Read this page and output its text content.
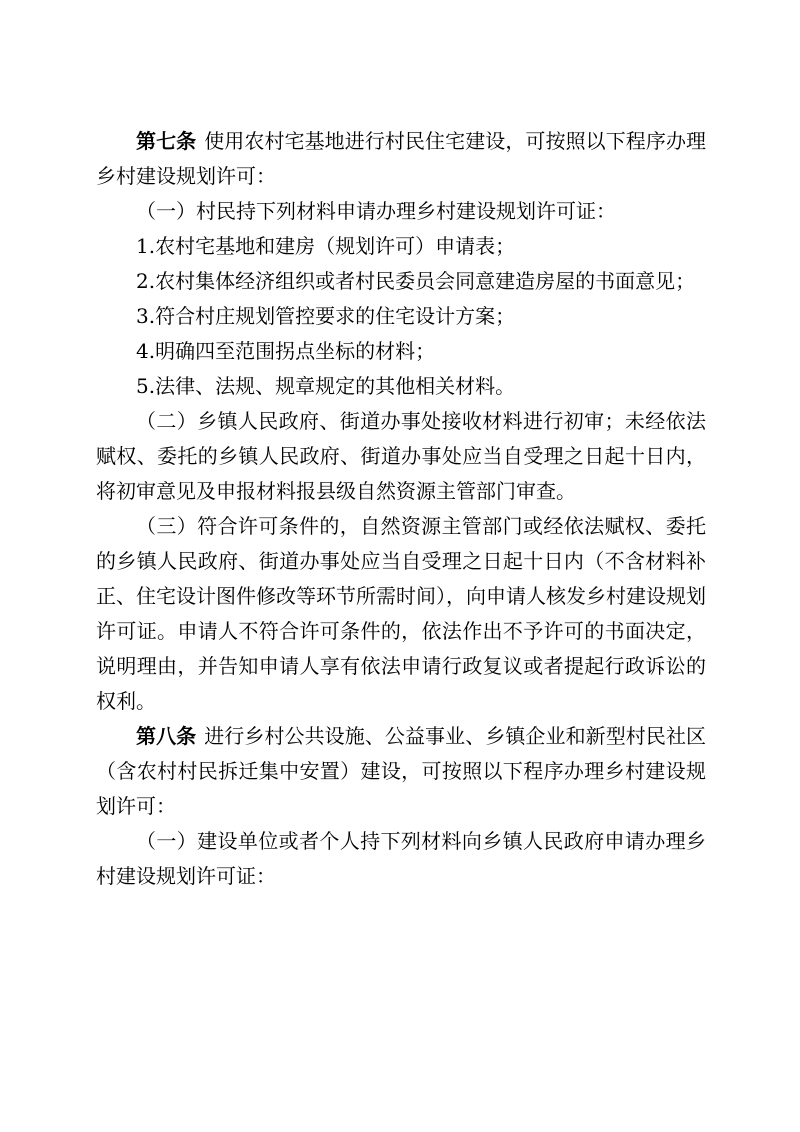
第七条 使用农村宅基地进行村民住宅建设，可按照以下程序办理乡村建设规划许可：

（一）村民持下列材料申请办理乡村建设规划许可证：

1.农村宅基地和建房（规划许可）申请表；

2.农村集体经济组织或者村民委员会同意建造房屋的书面意见；

3.符合村庄规划管控要求的住宅设计方案；

4.明确四至范围拐点坐标的材料；

5.法律、法规、规章规定的其他相关材料。

（二）乡镇人民政府、街道办事处接收材料进行初审；未经依法赋权、委托的乡镇人民政府、街道办事处应当自受理之日起十日内，将初审意见及申报材料报县级自然资源主管部门审查。

（三）符合许可条件的，自然资源主管部门或经依法赋权、委托的乡镇人民政府、街道办事处应当自受理之日起十日内（不含材料补正、住宅设计图件修改等环节所需时间），向申请人核发乡村建设规划许可证。申请人不符合许可条件的，依法作出不予许可的书面决定，说明理由，并告知申请人享有依法申请行政复议或者提起行政诉讼的权利。

第八条 进行乡村公共设施、公益事业、乡镇企业和新型村民社区（含农村村民拆迁集中安置）建设，可按照以下程序办理乡村建设规划许可：

（一）建设单位或者个人持下列材料向乡镇人民政府申请办理乡村建设规划许可证：
